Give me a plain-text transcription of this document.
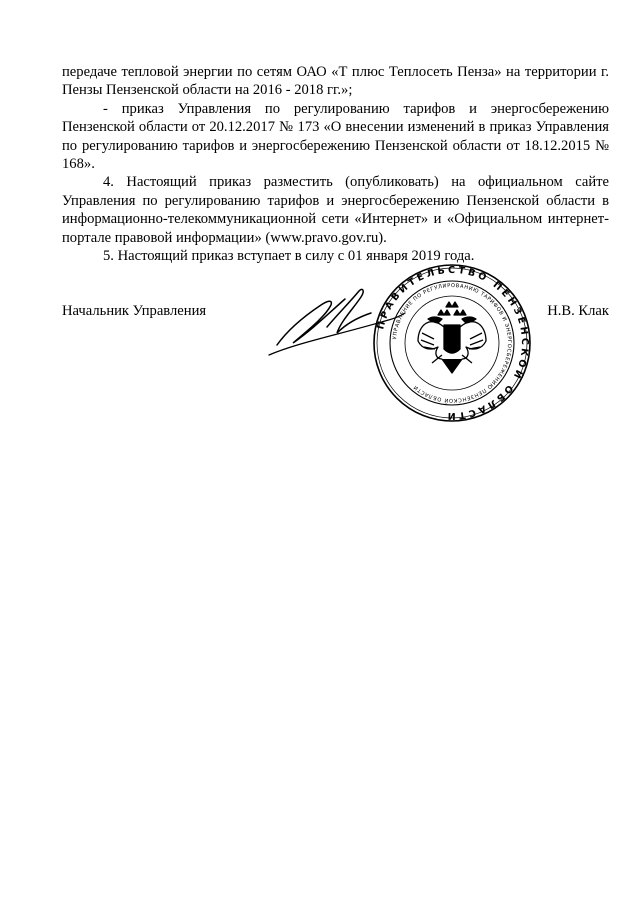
передаче тепловой энергии по сетям ОАО «Т плюс Теплосеть Пенза» на территории г. Пензы Пензенской области на 2016 - 2018 гг.»;

- приказ Управления по регулированию тарифов и энергосбережению Пензенской области от 20.12.2017 № 173 «О внесении изменений в приказ Управления по регулированию тарифов и энергосбережению Пензенской области от 18.12.2015 № 168».

4. Настоящий приказ разместить (опубликовать) на официальном сайте Управления по регулированию тарифов и энергосбережению Пензенской области в информационно-телекоммуникационной сети «Интернет» и «Официальном интернет-портале правовой информации» (www.pravo.gov.ru).

5. Настоящий приказ вступает в силу с 01 января 2019 года.

Начальник Управления	Н.В. Клак
ПРАВИТЕЛЬСТВО ПЕНЗЕНСКОЙ ОБЛАСТИ
УПРАВЛЕНИЕ ПО РЕГУЛИРОВАНИЮ ТАРИФОВ И ЭНЕРГОСБЕРЕЖЕНИЮ ПЕНЗЕНСКОЙ ОБЛАСТИ
